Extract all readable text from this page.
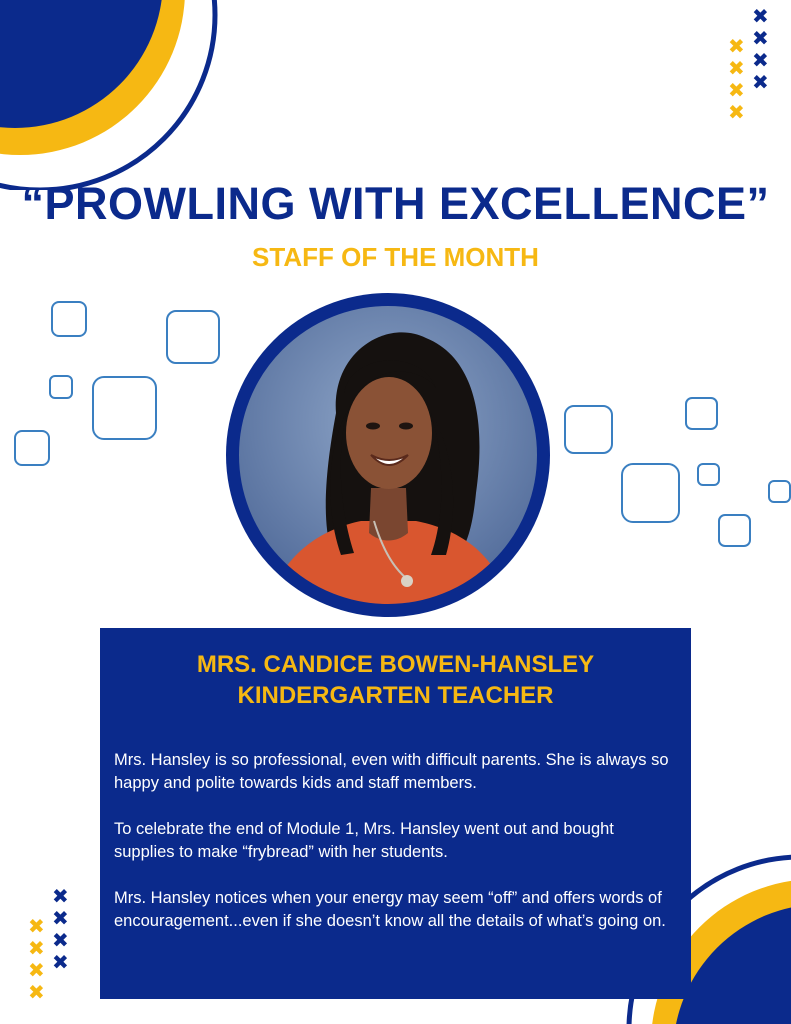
✖
✖
✖
✖
✖
✖
✖
✖
✖
✖
✖
✖
✖
✖
✖
✖
“PROWLING WITH EXCELLENCE”
STAFF OF THE MONTH
MRS. CANDICE BOWEN-HANSLEY
KINDERGARTEN TEACHER

Mrs. Hansley is so professional, even with difficult parents. She is always so happy and polite towards kids and staff members.

To celebrate the end of Module 1, Mrs. Hansley went out and bought supplies to make “frybread” with her students.

Mrs. Hansley notices when your energy may seem “off” and offers words of encouragement...even if she doesn’t know all the details of what’s going on.
